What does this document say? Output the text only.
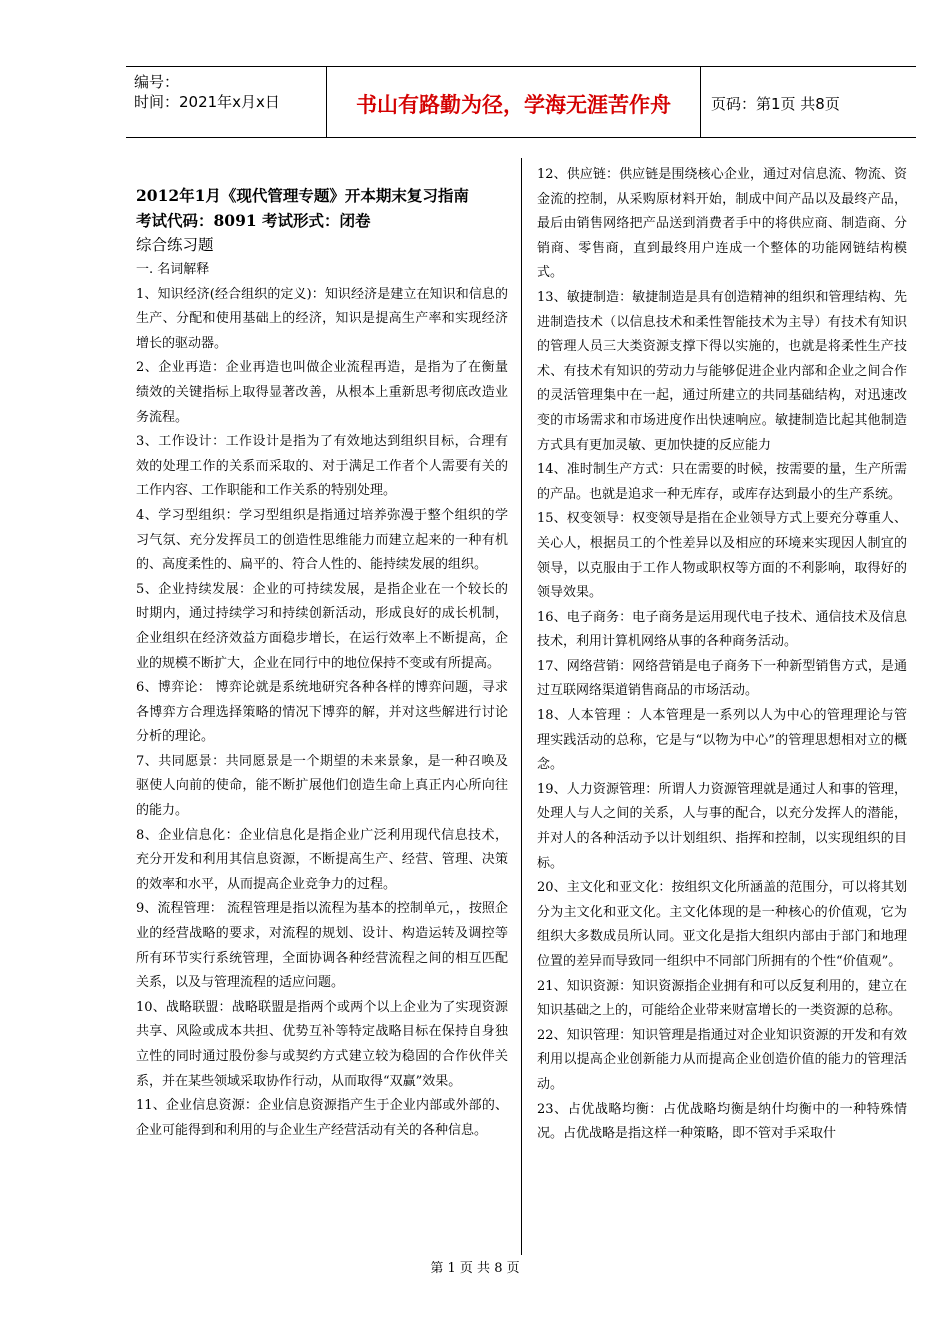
编号：
时间：2021年x月x日	书山有路勤为径，学海无涯苦作舟	页码：第1页 共8页

2012年1月《现代管理专题》开本期末复习指南

考试代码：8091 考试形式：闭卷

综合练习题

一. 名词解释

1、知识经济(经合组织的定义)：知识经济是建立在知识和信息的生产、分配和使用基础上的经济，知识是提高生产率和实现经济增长的驱动器。

2、企业再造：企业再造也叫做企业流程再造，是指为了在衡量绩效的关键指标上取得显著改善，从根本上重新思考彻底改造业务流程。

3、工作设计：工作设计是指为了有效地达到组织目标，合理有效的处理工作的关系而采取的、对于满足工作者个人需要有关的工作内容、工作职能和工作关系的特别处理。

4、学习型组织：学习型组织是指通过培养弥漫于整个组织的学习气氛、充分发挥员工的创造性思维能力而建立起来的一种有机的、高度柔性的、扁平的、符合人性的、能持续发展的组织。

5、企业持续发展：企业的可持续发展，是指企业在一个较长的时期内，通过持续学习和持续创新活动，形成良好的成长机制，企业组织在经济效益方面稳步增长，在运行效率上不断提高，企业的规模不断扩大，企业在同行中的地位保持不变或有所提高。

6、博弈论： 博弈论就是系统地研究各种各样的博弈问题，寻求各博弈方合理选择策略的情况下博弈的解，并对这些解进行讨论分析的理论。

7、共同愿景：共同愿景是一个期望的未来景象，是一种召唤及驱使人向前的使命，能不断扩展他们创造生命上真正内心所向往的能力。

8、企业信息化：企业信息化是指企业广泛利用现代信息技术，充分开发和利用其信息资源，不断提高生产、经营、管理、决策的效率和水平，从而提高企业竞争力的过程。

9、流程管理： 流程管理是指以流程为基本的控制单元，，按照企业的经营战略的要求，对流程的规划、设计、构造运转及调控等所有环节实行系统管理，全面协调各种经营流程之间的相互匹配关系，以及与管理流程的适应问题。

10、战略联盟：战略联盟是指两个或两个以上企业为了实现资源共享、风险或成本共担、优势互补等特定战略目标在保持自身独立性的同时通过股份参与或契约方式建立较为稳固的合作伙伴关系，并在某些领域采取协作行动，从而取得“双赢”效果。

11、企业信息资源：企业信息资源指产生于企业内部或外部的、企业可能得到和利用的与企业生产经营活动有关的各种信息。

12、供应链：供应链是围绕核心企业，通过对信息流、物流、资金流的控制，从采购原材料开始，制成中间产品以及最终产品，最后由销售网络把产品送到消费者手中的将供应商、制造商、分销商、零售商，直到最终用户连成一个整体的功能网链结构模式。

13、敏捷制造：敏捷制造是具有创造精神的组织和管理结构、先进制造技术（以信息技术和柔性智能技术为主导）有技术有知识的管理人员三大类资源支撑下得以实施的，也就是将柔性生产技术、有技术有知识的劳动力与能够促进企业内部和企业之间合作的灵活管理集中在一起，通过所建立的共同基础结构，对迅速改变的市场需求和市场进度作出快速响应。敏捷制造比起其他制造方式具有更加灵敏、更加快捷的反应能力

14、准时制生产方式：只在需要的时候，按需要的量，生产所需的产品。也就是追求一种无库存，或库存达到最小的生产系统。

15、权变领导：权变领导是指在企业领导方式上要充分尊重人、关心人，根据员工的个性差异以及相应的环境来实现因人制宜的领导，以克服由于工作人物或职权等方面的不利影响，取得好的领导效果。

16、电子商务：电子商务是运用现代电子技术、通信技术及信息技术，利用计算机网络从事的各种商务活动。

17、网络营销：网络营销是电子商务下一种新型销售方式，是通过互联网络渠道销售商品的市场活动。

18、人本管理 ：人本管理是一系列以人为中心的管理理论与管理实践活动的总称，它是与“以物为中心”的管理思想相对立的概念。

19、人力资源管理：所谓人力资源管理就是通过人和事的管理，处理人与人之间的关系，人与事的配合，以充分发挥人的潜能，并对人的各种活动予以计划组织、指挥和控制，以实现组织的目标。

20、主文化和亚文化：按组织文化所涵盖的范围分，可以将其划分为主文化和亚文化。主文化体现的是一种核心的价值观，它为组织大多数成员所认同。亚文化是指大组织内部由于部门和地理位置的差异而导致同一组织中不同部门所拥有的个性“价值观”。

21、知识资源：知识资源指企业拥有和可以反复利用的，建立在知识基础之上的，可能给企业带来财富增长的一类资源的总称。

22、知识管理：知识管理是指通过对企业知识资源的开发和有效利用以提高企业创新能力从而提高企业创造价值的能力的管理活动。

23、占优战略均衡：占优战略均衡是纳什均衡中的一种特殊情况。占优战略是指这样一种策略，即不管对手采取什

第 1 页 共 8 页
